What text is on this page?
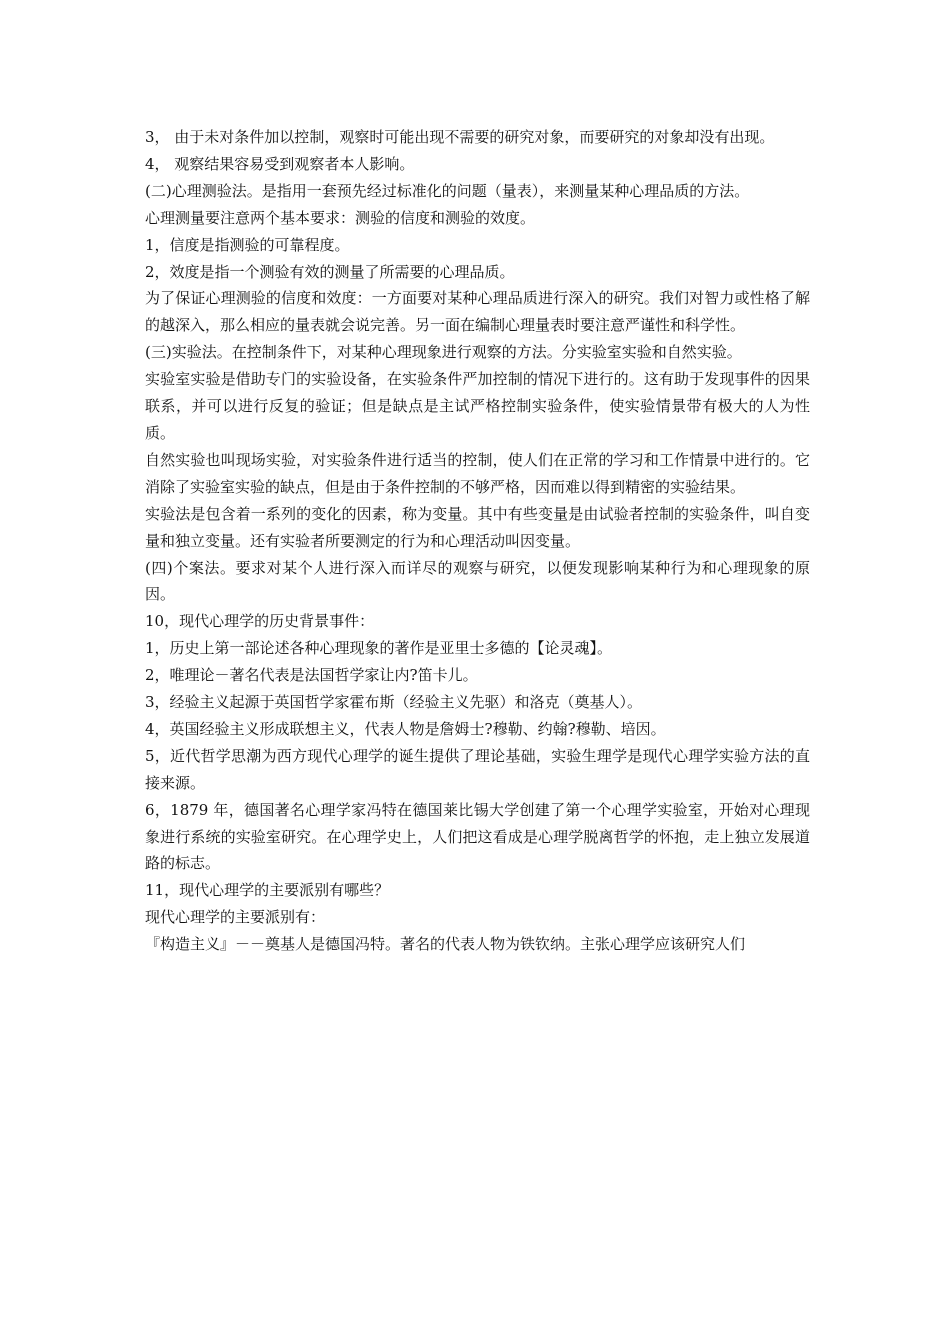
3， 由于未对条件加以控制，观察时可能出现不需要的研究对象，而要研究的对象却没有出现。

4， 观察结果容易受到观察者本人影响。

(二)心理测验法。是指用一套预先经过标准化的问题（量表），来测量某种心理品质的方法。

心理测量要注意两个基本要求：测验的信度和测验的效度。

1，信度是指测验的可靠程度。

2，效度是指一个测验有效的测量了所需要的心理品质。

为了保证心理测验的信度和效度：一方面要对某种心理品质进行深入的研究。我们对智力或性格了解的越深入，那么相应的量表就会说完善。另一面在编制心理量表时要注意严谨性和科学性。

(三)实验法。在控制条件下，对某种心理现象进行观察的方法。分实验室实验和自然实验。

实验室实验是借助专门的实验设备，在实验条件严加控制的情况下进行的。这有助于发现事件的因果联系，并可以进行反复的验证；但是缺点是主试严格控制实验条件，使实验情景带有极大的人为性质。

自然实验也叫现场实验，对实验条件进行适当的控制，使人们在正常的学习和工作情景中进行的。它消除了实验室实验的缺点，但是由于条件控制的不够严格，因而难以得到精密的实验结果。

实验法是包含着一系列的变化的因素，称为变量。其中有些变量是由试验者控制的实验条件，叫自变量和独立变量。还有实验者所要测定的行为和心理活动叫因变量。

(四)个案法。要求对某个人进行深入而详尽的观察与研究，以便发现影响某种行为和心理现象的原因。

10，现代心理学的历史背景事件：

1，历史上第一部论述各种心理现象的著作是亚里士多德的【论灵魂】。

2，唯理论－著名代表是法国哲学家让内?笛卡儿。

3，经验主义起源于英国哲学家霍布斯（经验主义先驱）和洛克（奠基人）。

4，英国经验主义形成联想主义，代表人物是詹姆士?穆勒、约翰?穆勒、培因。

5，近代哲学思潮为西方现代心理学的诞生提供了理论基础，实验生理学是现代心理学实验方法的直接来源。

6，1879 年，德国著名心理学家冯特在德国莱比锡大学创建了第一个心理学实验室，开始对心理现象进行系统的实验室研究。在心理学史上，人们把这看成是心理学脱离哲学的怀抱，走上独立发展道路的标志。

11，现代心理学的主要派别有哪些？

现代心理学的主要派别有：

『构造主义』－－奠基人是德国冯特。著名的代表人物为铁钦纳。主张心理学应该研究人们
